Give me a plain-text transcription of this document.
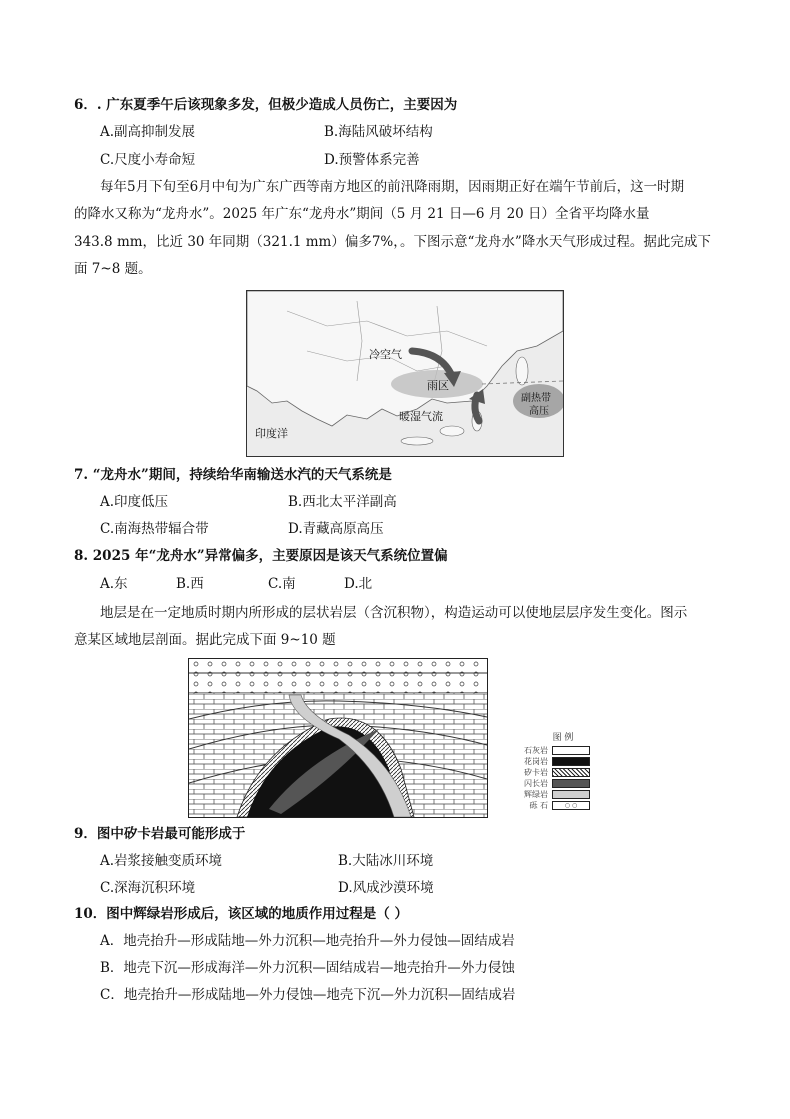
6．. 广东夏季午后该现象多发，但极少造成人员伤亡，主要因为
A.副高抑制发展	B.海陆风破坏结构
C.尺度小寿命短	D.预警体系完善
每年5月下旬至6月中旬为广东广西等南方地区的前汛降雨期，因雨期正好在端午节前后，这一时期
的降水又称为“龙舟水”。2025 年广东“龙舟水”期间（5 月 21 日—6 月 20 日）全省平均降水量
343.8 mm，比近 30 年同期（321.1 mm）偏多7%，。下图示意“龙舟水”降水天气形成过程。据此完成下
面 7~8 题。
冷空气
雨区
暖湿气流
副热带
高压
印度洋
7. “龙舟水”期间，持续给华南输送水汽的天气系统是
A.印度低压	B.西北太平洋副高
C.南海热带辐合带	D.青藏高原高压
8. 2025 年“龙舟水”异常偏多，主要原因是该天气系统位置偏
A.东	B.西	C.南	D.北
地层是在一定地质时期内所形成的层状岩层（含沉积物），构造运动可以使地层层序发生变化。图示
意某区域地层剖面。据此完成下面 9~10 题
图 例
石灰岩
花岗岩
矽卡岩
闪长岩
辉绿岩
砾 石	○ ○
9．图中矽卡岩最可能形成于
A.岩浆接触变质环境	B.大陆冰川环境
C.深海沉积环境	D.风成沙漠环境
10．图中辉绿岩形成后，该区域的地质作用过程是（ ）
A．地壳抬升—形成陆地—外力沉积—地壳抬升—外力侵蚀—固结成岩
B．地壳下沉—形成海洋—外力沉积—固结成岩—地壳抬升—外力侵蚀
C．地壳抬升—形成陆地—外力侵蚀—地壳下沉—外力沉积—固结成岩
